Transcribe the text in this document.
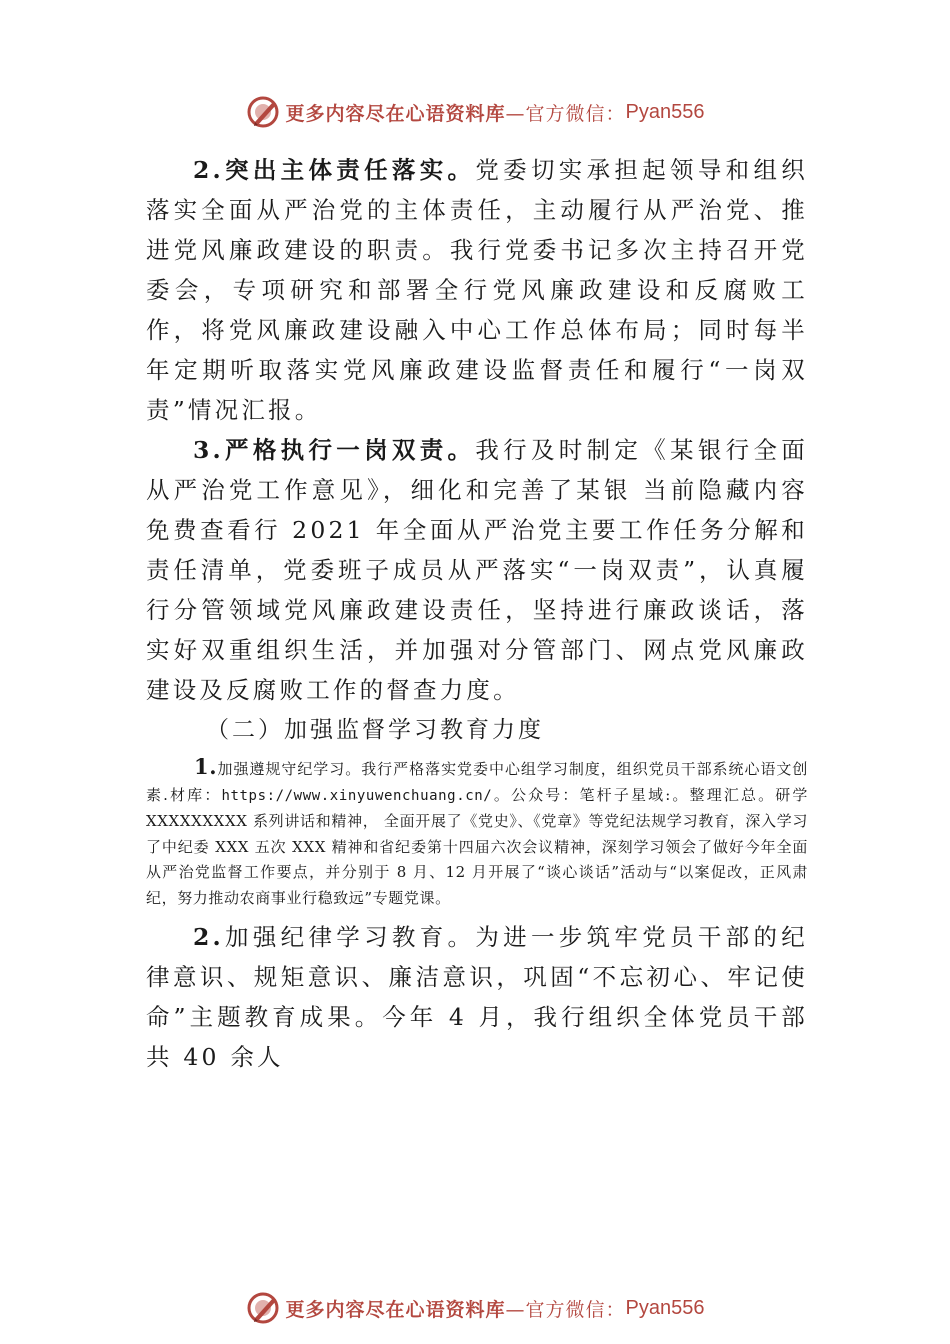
更多内容尽在心语资料库 —官方微信： Pyan556

2.突出主体责任落实。党委切实承担起领导和组织落实全面从严治党的主体责任，主动履行从严治党、推进党风廉政建设的职责。我行党委书记多次主持召开党委会，专项研究和部署全行党风廉政建设和反腐败工作，将党风廉政建设融入中心工作总体布局；同时每半年定期听取落实党风廉政建设监督责任和履行“一岗双责”情况汇报。

3.严格执行一岗双责。我行及时制定《某银行全面从严治党工作意见》，细化和完善了某银 当前隐藏内容免费查看行 2021 年全面从严治党主要工作任务分解和责任清单，党委班子成员从严落实“一岗双责”，认真履行分管领域党风廉政建设责任，坚持进行廉政谈话，落实好双重组织生活，并加强对分管部门、网点党风廉政建设及反腐败工作的督查力度。

（二）加强监督学习教育力度

1.加强遵规守纪学习。我行严格落实党委中心组学习制度，组织党员干部系统心语文创素.材库：https://www.xinyuwenchuang.cn/。公众号：笔杆子星域:。整理汇总。研学 XXXXXXXXX 系列讲话和精神， 全面开展了《党史》、《党章》等党纪法规学习教育，深入学习了中纪委 XXX 五次 XXX 精神和省纪委第十四届六次会议精神，深刻学习领会了做好今年全面从严治党监督工作要点，并分别于 8 月、12 月开展了“谈心谈话”活动与“以案促改，正风肃纪，努力推动农商事业行稳致远”专题党课。

2.加强纪律学习教育。为进一步筑牢党员干部的纪律意识、规矩意识、廉洁意识，巩固“不忘初心、牢记使命”主题教育成果。今年 4 月，我行组织全体党员干部共 40 余人

更多内容尽在心语资料库 —官方微信： Pyan556
